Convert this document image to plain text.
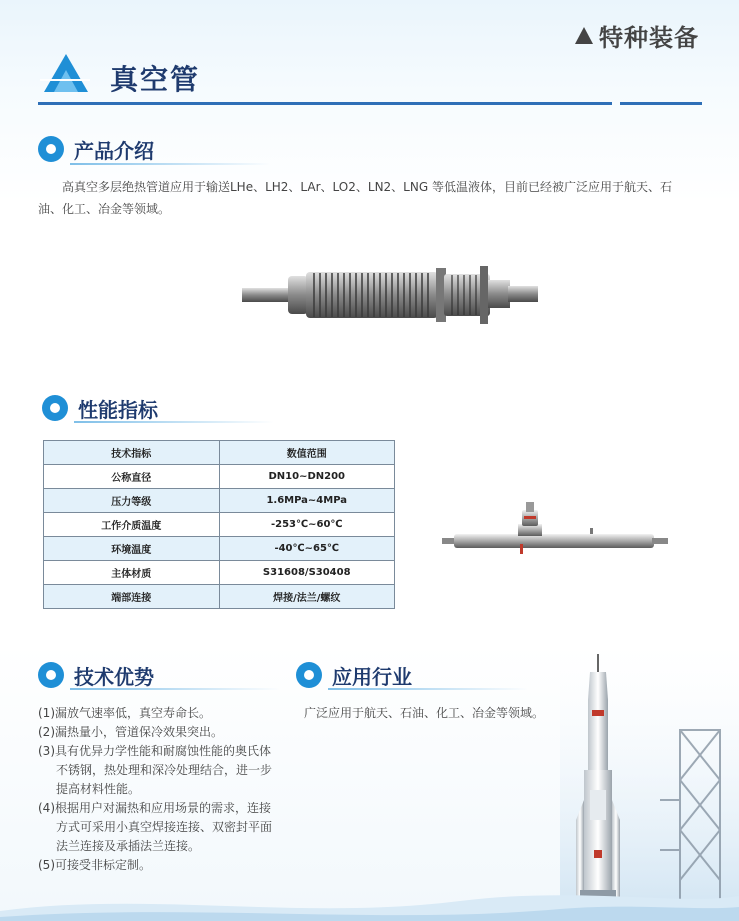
特种装备
真空管
产品介绍
高真空多层绝热管道应用于输送LHe、LH2、LAr、LO2、LN2、LNG 等低温液体，目前已经被广泛应用于航天、石油、化工、冶金等领域。
性能指标
技术指标	数值范围
公称直径	DN10~DN200
压力等级	1.6MPa~4MPa
工作介质温度	-253℃~60℃
环境温度	-40℃~65℃
主体材质	S31608/S30408
端部连接	焊接/法兰/螺纹
技术优势

(1)漏放气速率低，真空寿命长。

(2)漏热量小，管道保冷效果突出。

(3)具有优异力学性能和耐腐蚀性能的奥氏体不锈钢，热处理和深冷处理结合，进一步提高材料性能。

(4)根据用户对漏热和应用场景的需求，连接方式可采用小真空焊接连接、双密封平面法兰连接及承插法兰连接。

(5)可接受非标定制。

应用行业
广泛应用于航天、石油、化工、冶金等领域。
